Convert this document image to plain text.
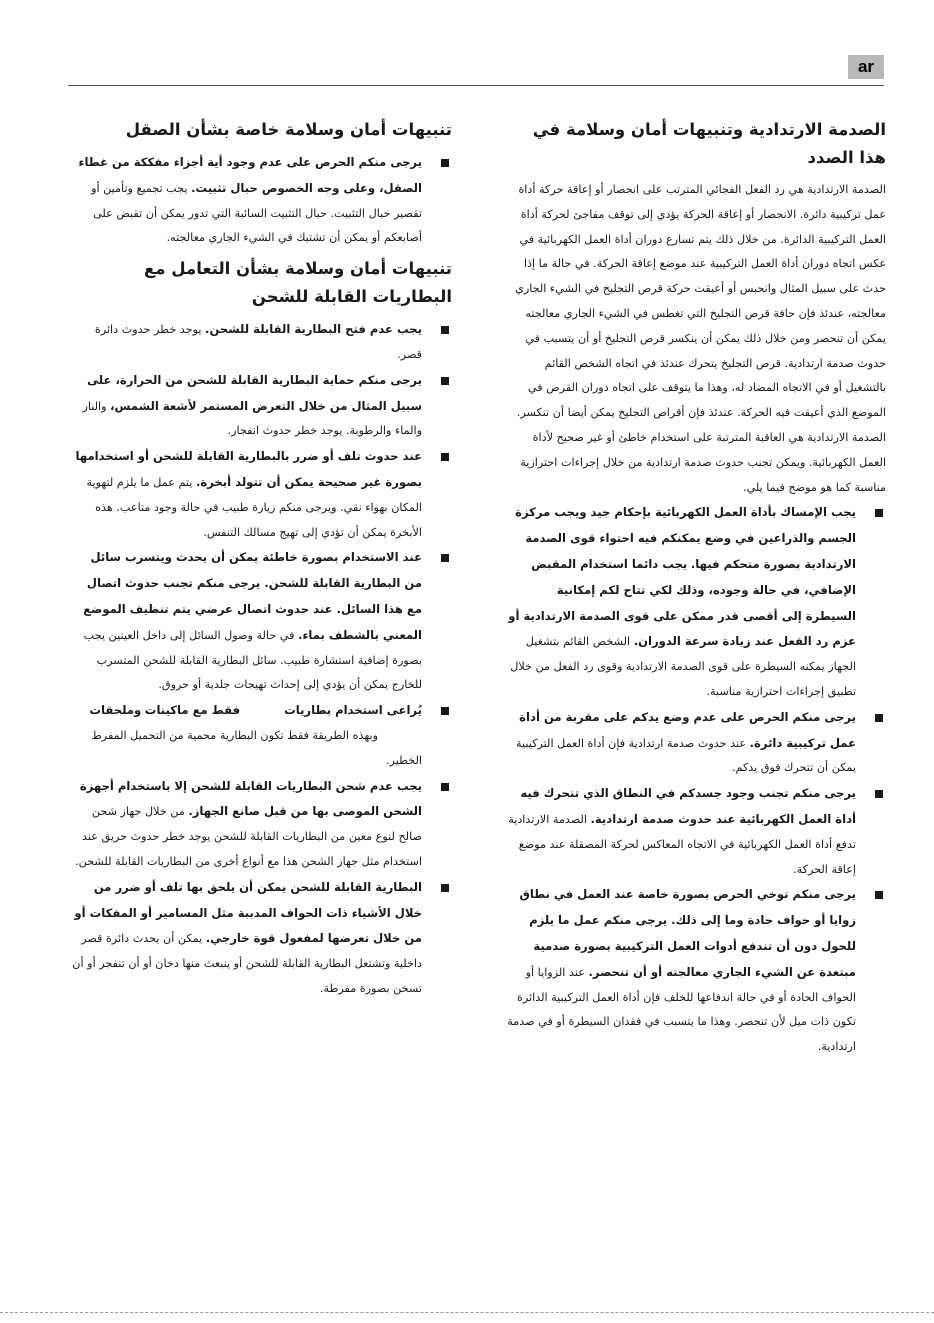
ar
الصدمة الارتدادية وتنبيهات أمان وسلامة في هذا الصدد

الصدمة الارتدادية هي رد الفعل الفجائي المترتب على انحصار أو إعاقة حركة أداة عمل تركيبية دائرة. الانحصار أو إعاقة الحركة يؤدي إلى توقف مفاجئ لحركة أداة العمل التركيبية الدائرة. من خلال ذلك يتم تسارع دوران أداة العمل الكهربائية في عكس اتجاه دوران أداة العمل التركيبية عند موضع إعاقة الحركة. في حالة ما إذا حدث على سبيل المثال وانحبس أو أعيقت حركة قرص التجليخ في الشيء الجاري معالجته، عندئذ فإن حافة قرص التجليخ التي تغطس في الشيء الجاري معالجته يمكن أن تنحصر ومن خلال ذلك يمكن أن ينكسر قرص التجليخ أو أن يتسبب في حدوث صدمة ارتدادية. قرص التجليخ يتحرك عندئذ في اتجاه الشخص القائم بالتشغيل أو في الاتجاه المضاد له، وهذا ما يتوقف على اتجاه دوران القرص في الموضع الذي أعيقت فيه الحركة. عندئذ فإن أقراص التجليخ يمكن أيضا أن تنكسر. الصدمة الارتدادية هي العاقبة المترتبة على استخدام خاطئ أو غير صحيح لأداة العمل الكهربائية. ويمكن تجنب حدوث صدمة ارتدادية من خلال إجراءات احترازية مناسبة كما هو موضح فيما يلي.

يجب الإمساك بأداة العمل الكهربائية بإحكام جيد ويجب مركزة الجسم والذراعين في وضع يمكنكم فيه احتواء قوى الصدمة الارتدادية بصورة متحكم فيها. يجب دائما استخدام المقبض الإضافي، في حالة وجوده، وذلك لكي تتاح لكم إمكانية السيطرة إلى أقصى قدر ممكن على قوى الصدمة الارتدادية أو عزم رد الفعل عند زيادة سرعة الدوران. الشخص القائم بتشغيل الجهاز يمكنه السيطرة على قوى الصدمة الارتدادية وقوى رد الفعل من خلال تطبيق إجراءات احترازية مناسبة.
يرجى منكم الحرص على عدم وضع يدكم على مقربة من أداة عمل تركيبية دائرة. عند حدوث صدمة ارتدادية فإن أداة العمل التركيبية يمكن أن تتحرك فوق يدكم.
يرجى منكم تجنب وجود جسدكم في النطاق الذي تتحرك فيه أداة العمل الكهربائية عند حدوث صدمة ارتدادية. الصدمة الارتدادية تدفع أداة العمل الكهربائية في الاتجاه المعاكس لحركة المصقلة عند موضع إعاقة الحركة.
يرجى منكم توخي الحرص بصورة خاصة عند العمل في نطاق زوايا أو حواف حادة وما إلى ذلك. يرجى منكم عمل ما يلزم للحول دون أن تندفع أدوات العمل التركيبية بصورة صدمية مبتعدة عن الشيء الجاري معالجته أو أن تنحصر. عند الزوايا أو الحواف الحادة أو في حالة اندفاعها للخلف فإن أداة العمل التركيبية الدائرة تكون ذات ميل لأن تنحصر. وهذا ما يتسبب في فقدان السيطرة أو في صدمة ارتدادية.
تنبيهات أمان وسلامة خاصة بشأن الصقل
يرجى منكم الحرص على عدم وجود أية أجزاء مفككة من غطاء الصقل، وعلى وجه الخصوص حبال تثبيت. يجب تجميع وتأمين أو تقصير حبال التثبيت. حبال التثبيت السائبة التي تدور يمكن أن تقبض على أصابعكم أو يمكن أن تشتبك في الشيء الجاري معالجته.
تنبيهات أمان وسلامة بشأن التعامل مع البطاريات القابلة للشحن
يجب عدم فتح البطارية القابلة للشحن. يوجد خطر حدوث دائرة قصر.
يرجى منكم حماية البطارية القابلة للشحن من الحرارة، على سبيل المثال من خلال التعرض المستمر لأشعة الشمس، والنار والماء والرطوبة. يوجد خطر حدوث انفجار.
عند حدوث تلف أو ضرر بالبطارية القابلة للشحن أو استخدامها بصورة غير صحيحة يمكن أن تتولد أبخرة. يتم عمل ما يلزم لتهوية المكان بهواء نقي. ويرجى منكم زيارة طبيب في حالة وجود متاعب. هذه الأبخرة يمكن أن تؤدي إلى تهيج مسالك التنفس.
عند الاستخدام بصورة خاطئة يمكن أن يحدث ويتسرب سائل من البطارية القابلة للشحن. يرجى منكم تجنب حدوث اتصال مع هذا السائل. عند حدوث اتصال عرضي يتم تنظيف الموضع المعني بالشطف بماء. في حالة وصول السائل إلى داخل العينين يجب بصورة إضافية استشارة طبيب. سائل البطارية القابلة للشحن المتسرب للخارج يمكن أن يؤدي إلى إحداث تهيجات جلدية أو حروق.
يُراعى استخدام بطارياتفقط مع ماكينات وملحقاتوبهذه الطريقة فقط تكون البطارية محمية من التحميل المفرط الخطير.
يجب عدم شحن البطاريات القابلة للشحن إلا باستخدام أجهزة الشحن الموصى بها من قبل صانع الجهاز. من خلال جهاز شحن صالح لنوع معين من البطاريات القابلة للشحن يوجد خطر حدوث حريق عند استخدام مثل جهاز الشحن هذا مع أنواع أخرى من البطاريات القابلة للشحن.
البطارية القابلة للشحن يمكن أن يلحق بها تلف أو ضرر من خلال الأشياء ذات الحواف المدببة مثل المسامير أو المفكات أو من خلال تعرضها لمفعول قوة خارجي. يمكن أن يحدث دائرة قصر داخلية وتشتعل البطارية القابلة للشحن أو ينبعث منها دخان أو أن تنفجر أو أن تسخن بصورة مفرطة.
